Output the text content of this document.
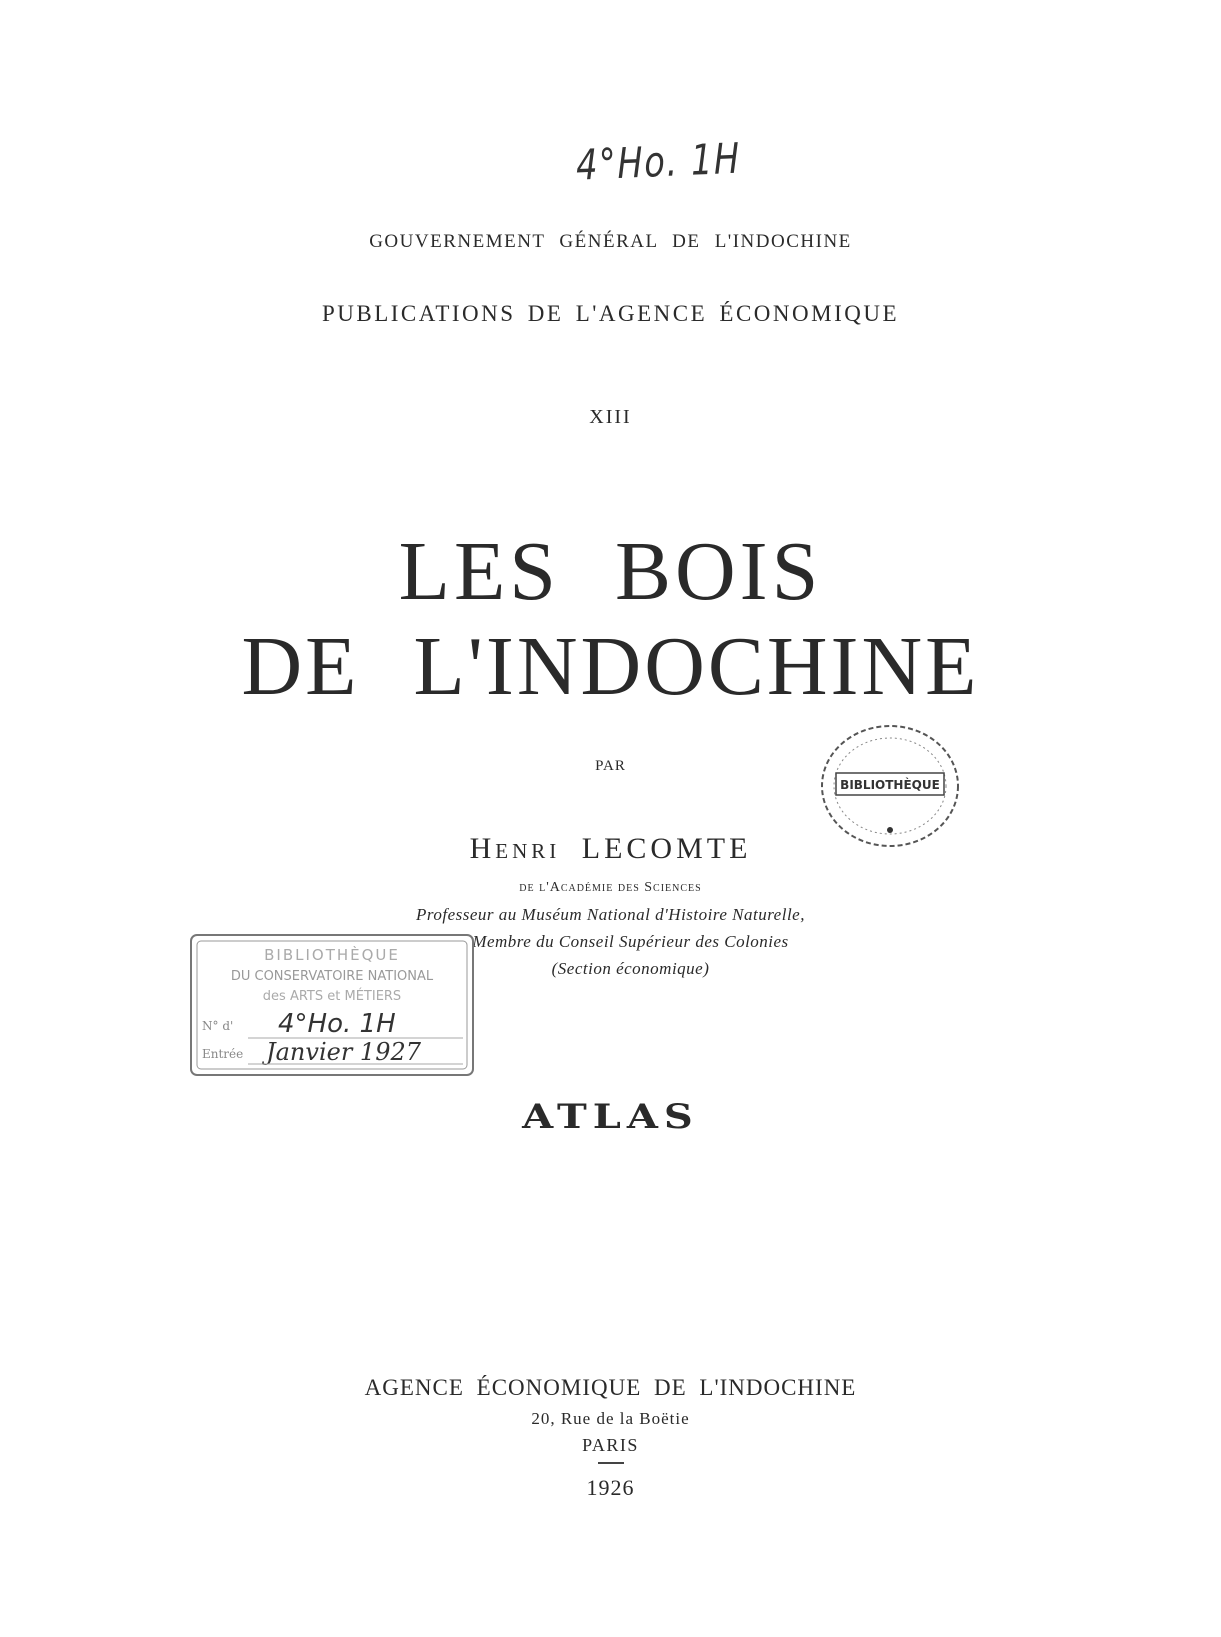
4°Ho. 1H
GOUVERNEMENT GÉNÉRAL DE L'INDOCHINE
PUBLICATIONS DE L'AGENCE ÉCONOMIQUE
XIII
LES BOIS
DE L'INDOCHINE
PAR
Henri LECOMTE
de l'Académie des Sciences
Professeur au Muséum National d'Histoire Naturelle,
Membre du Conseil Supérieur des Colonies
(Section économique)
ATLAS
AGENCE ÉCONOMIQUE DE L'INDOCHINE
20, Rue de la Boëtie
PARIS
1926
BIBLIOTHÈQUE
BIBLIOTHÈQUE
DU CONSERVATOIRE NATIONAL
des ARTS et MÉTIERS
N° d' 4°Ho. 1H
Entrée Janvier 1927
